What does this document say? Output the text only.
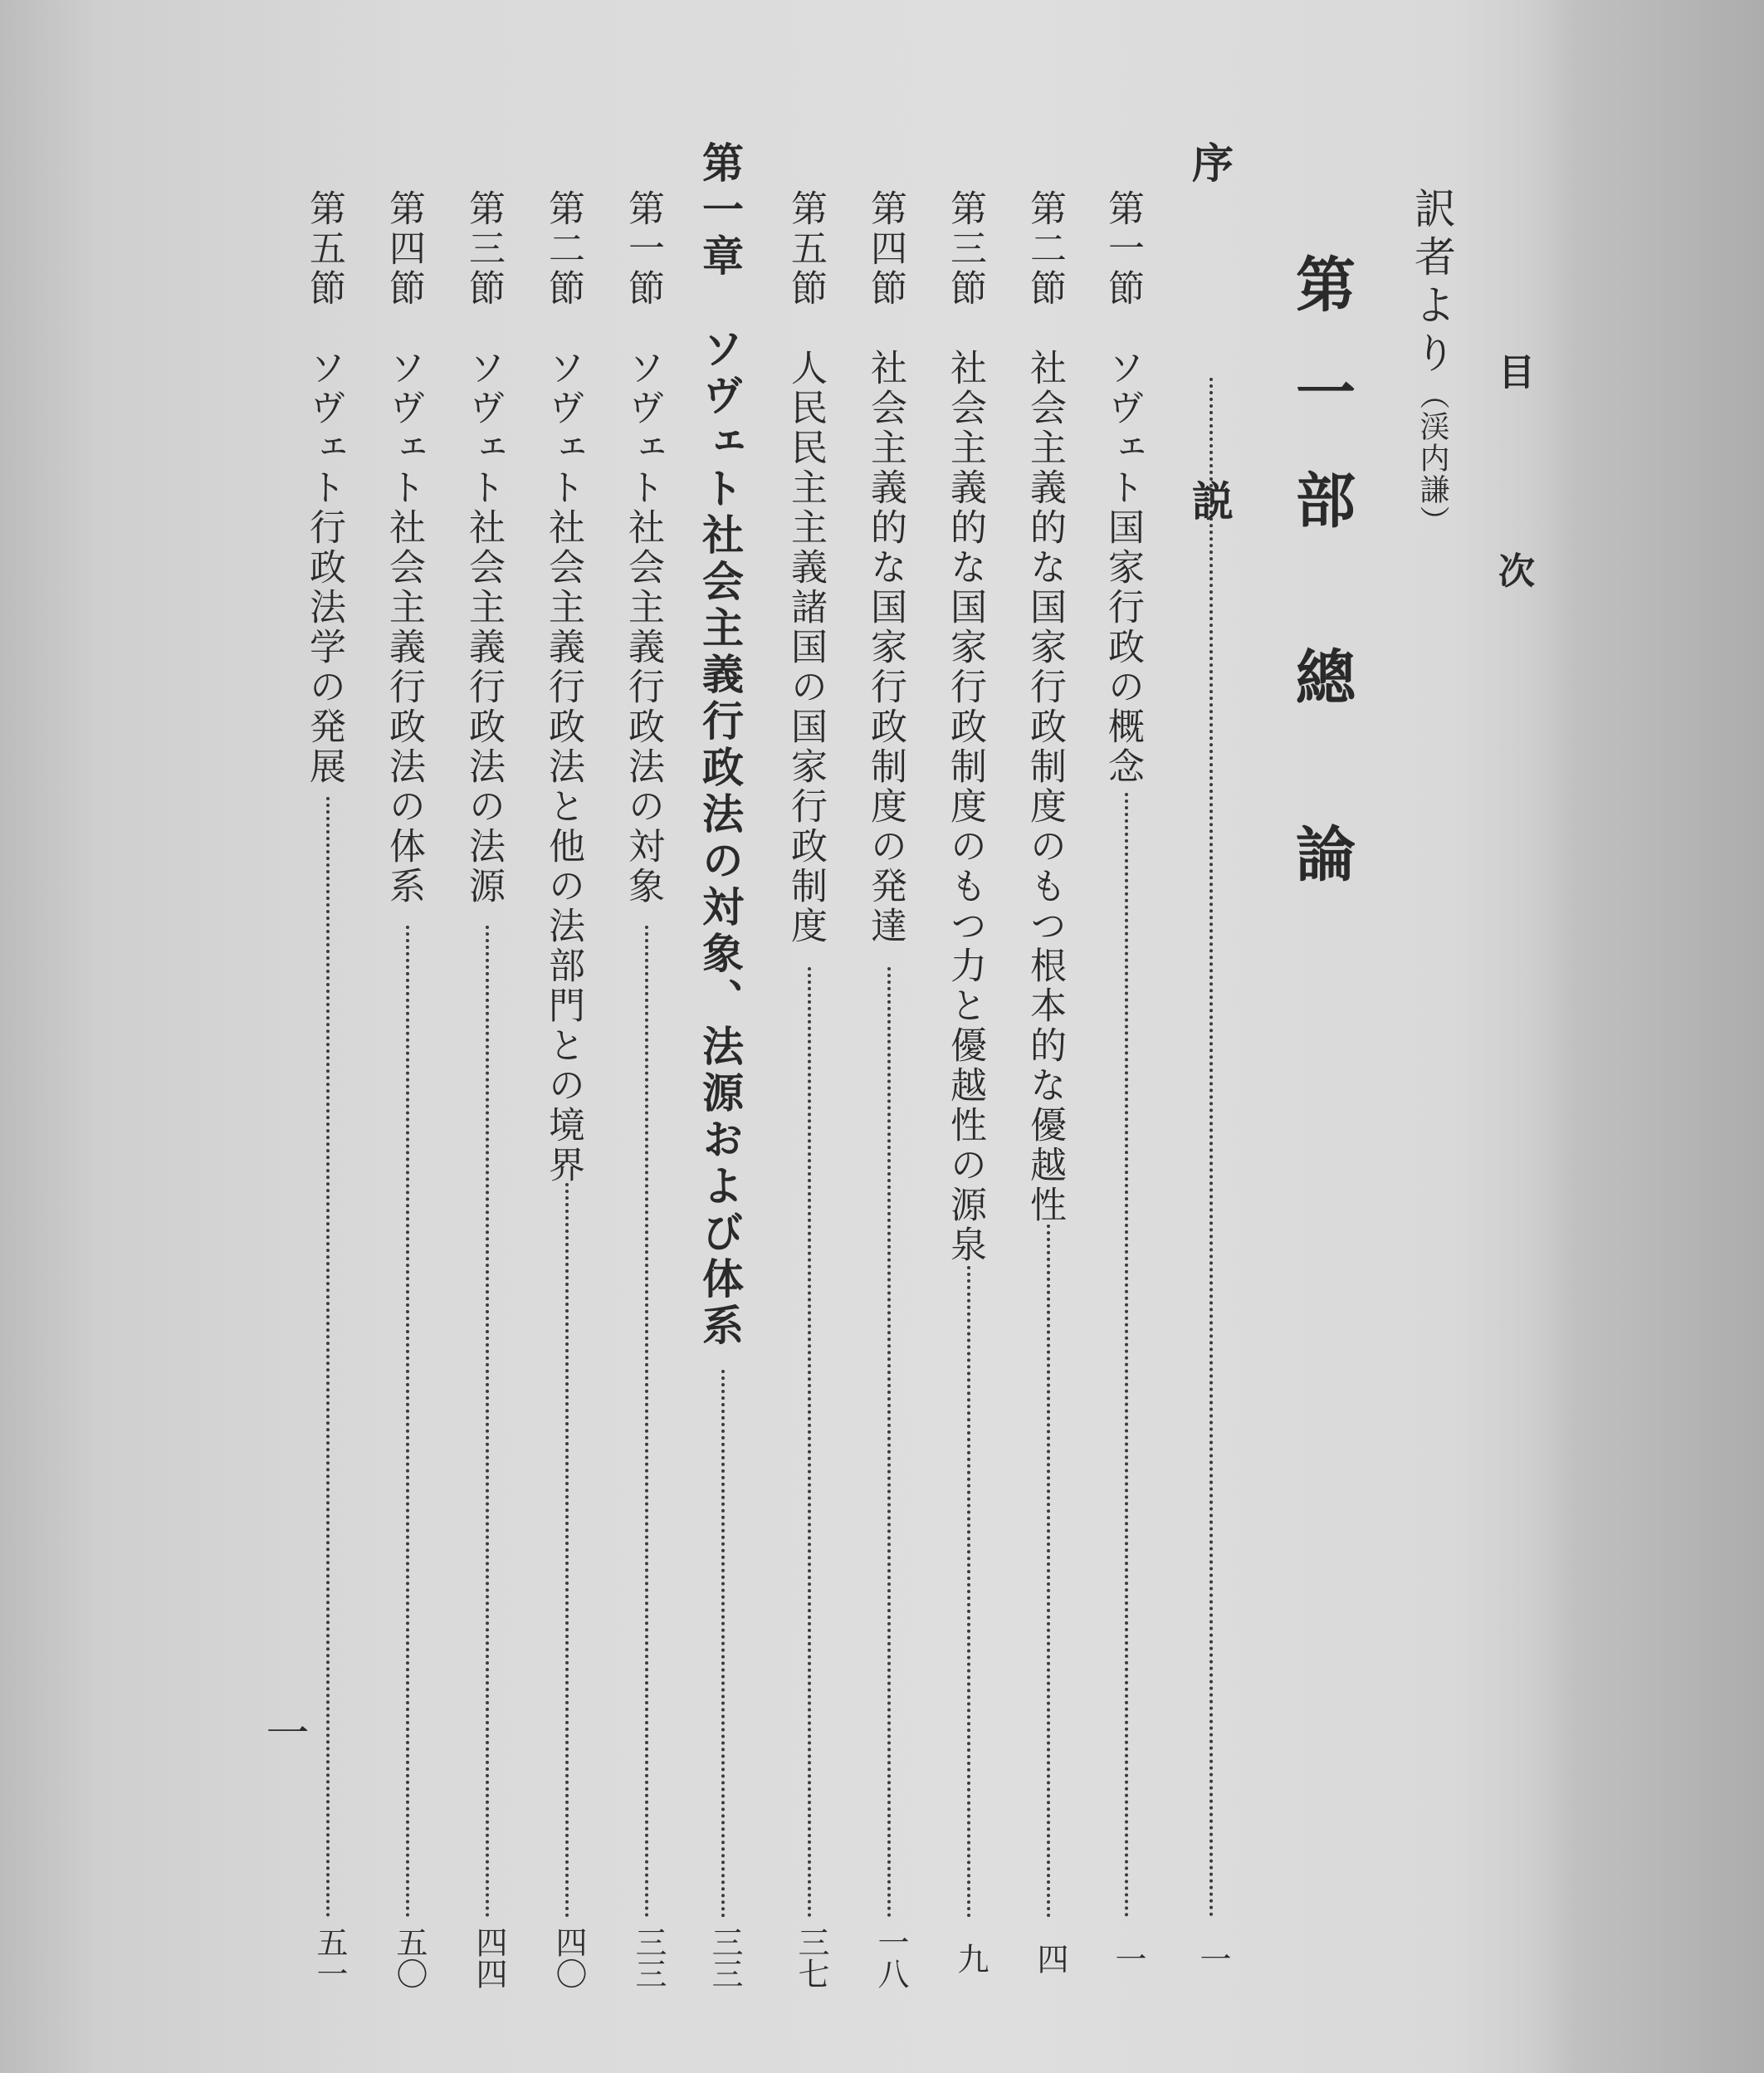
目 次
訳者より（渓内謙）
第一部 總 論
序 説
一
第一節　ソヴェト国家行政の概念
一
第二節　社会主義的な国家行政制度のもつ根本的な優越性
四
第三節　社会主義的な国家行政制度のもつ力と優越性の源泉
九
第四節　社会主義的な国家行政制度の発達
一八
第五節　人民民主主義諸国の国家行政制度
三七
第一章　ソヴェト社会主義行政法の対象、法源および体系
三三
第一節　ソヴェト社会主義行政法の対象
三三
第二節　ソヴェト社会主義行政法と他の法部門との境界
四〇
第三節　ソヴェト社会主義行政法の法源
四四
第四節　ソヴェト社会主義行政法の体系
五〇
第五節　ソヴェト行政法学の発展
五一
一
